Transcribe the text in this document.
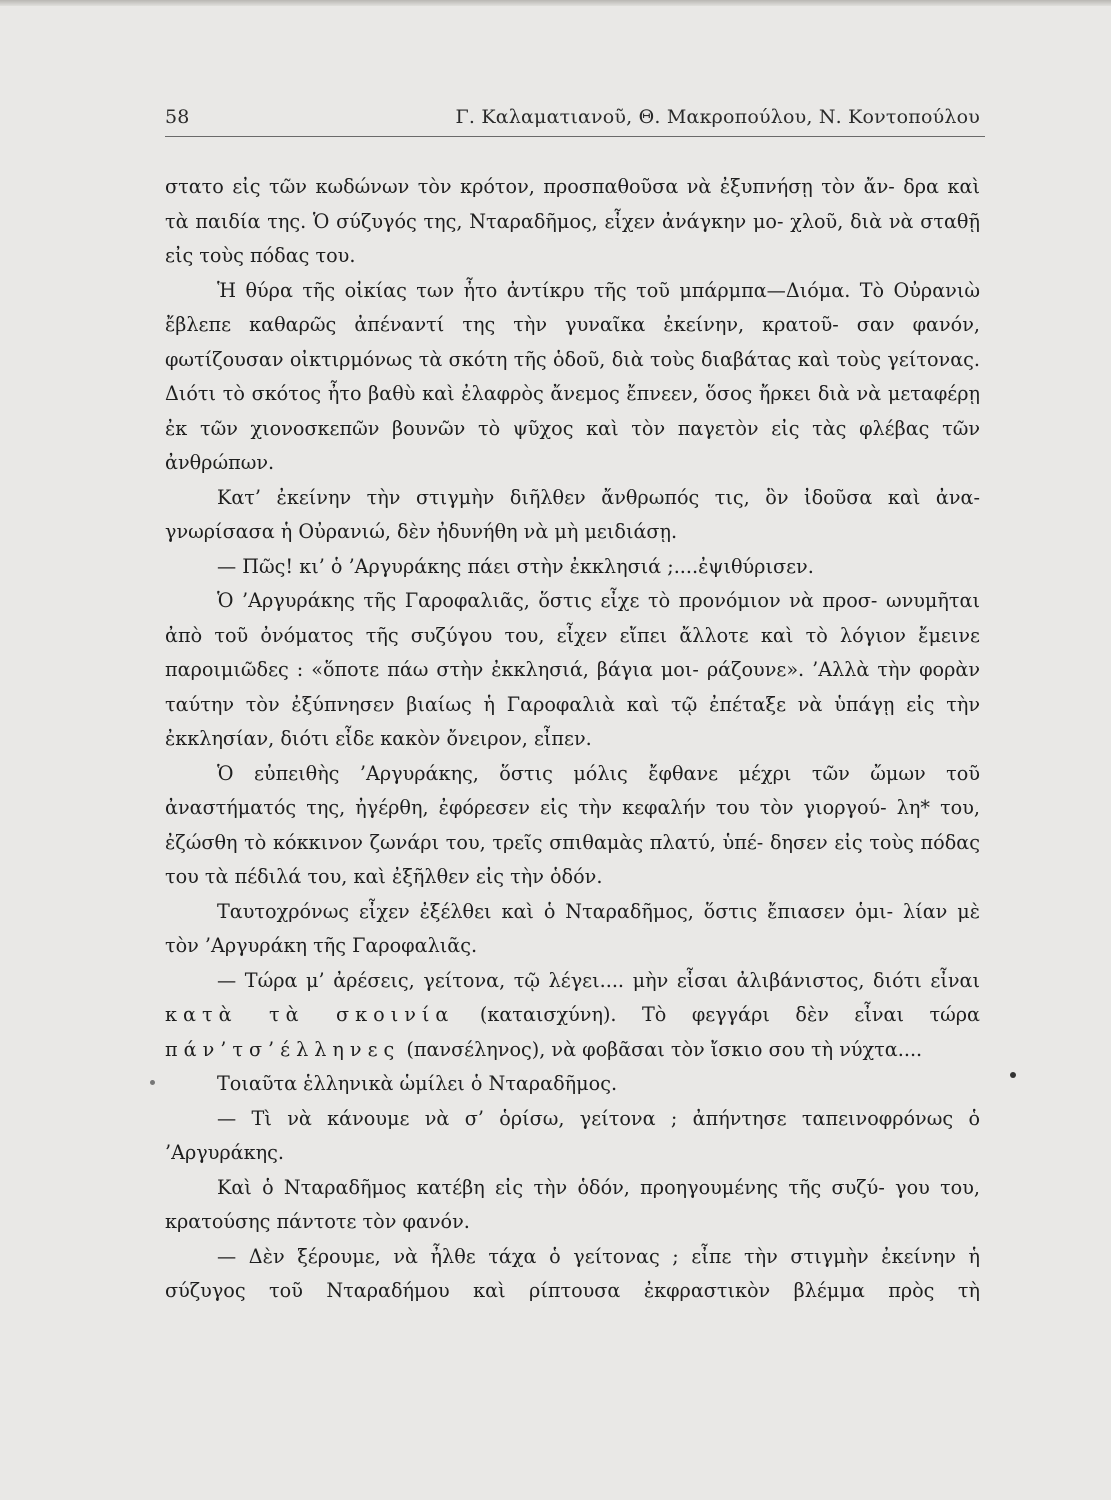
58	Γ. Καλαματιανοῦ, Θ. Μακροπούλου, Ν. Κοντοπούλου

στατο εἰς τῶν κωδώνων τὸν κρότον, προσπαθοῦσα νὰ ἐξυπνήσῃ τὸν ἄν- δρα καὶ τὰ παιδία της. Ὁ σύζυγός της, Νταραδῆμος, εἶχεν ἀνάγκην μο- χλοῦ, διὰ νὰ σταθῇ εἰς τοὺς πόδας του.

Ἡ θύρα τῆς οἰκίας των ἦτο ἀντίκρυ τῆς τοῦ μπάρμπα—Διόμα. Τὸ Οὐρανιὼ ἔβλεπε καθαρῶς ἀπέναντί της τὴν γυναῖκα ἐκείνην, κρατοῦ- σαν φανόν, φωτίζουσαν οἰκτιρμόνως τὰ σκότη τῆς ὁδοῦ, διὰ τοὺς διαβάτας καὶ τοὺς γείτονας. Διότι τὸ σκότος ἦτο βαθὺ καὶ ἐλαφρὸς ἄνεμος ἔπνεεν, ὅσος ἤρκει διὰ νὰ μεταφέρῃ ἐκ τῶν χιονοσκεπῶν βουνῶν τὸ ψῦχος καὶ τὸν παγετὸν εἰς τὰς φλέβας τῶν ἀνθρώπων.

Κατ’ ἐκείνην τὴν στιγμὴν διῆλθεν ἄνθρωπός τις, ὃν ἰδοῦσα καὶ ἀνα- γνωρίσασα ἡ Οὐρανιώ, δὲν ἠδυνήθη νὰ μὴ μειδιάσῃ.

— Πῶς! κι’ ὁ ’Αργυράκης πάει στὴν ἐκκλησιά ;....ἐψιθύρισεν.

Ὁ ’Αργυράκης τῆς Γαροφαλιᾶς, ὅστις εἶχε τὸ προνόμιον νὰ προσ- ωνυμῆται ἀπὸ τοῦ ὀνόματος τῆς συζύγου του, εἶχεν εἴπει ἄλλοτε καὶ τὸ λόγιον ἔμεινε παροιμιῶδες : «ὅποτε πάω στὴν ἐκκλησιά, βάγια μοι- ράζουνε». ’Αλλὰ τὴν φορὰν ταύτην τὸν ἐξύπνησεν βιαίως ἡ Γαροφαλιὰ καὶ τῷ ἐπέταξε νὰ ὑπάγῃ εἰς τὴν ἐκκλησίαν, διότι εἶδε κακὸν ὄνειρον, εἶπεν.

Ὁ εὐπειθὴς ’Αργυράκης, ὅστις μόλις ἔφθανε μέχρι τῶν ὤμων τοῦ ἀναστήματός της, ἠγέρθη, ἐφόρεσεν εἰς τὴν κεφαλήν του τὸν γιοργού- λη* του, ἐζώσθη τὸ κόκκινον ζωνάρι του, τρεῖς σπιθαμὰς πλατύ, ὑπέ- δησεν εἰς τοὺς πόδας του τὰ πέδιλά του, καὶ ἐξῆλθεν εἰς τὴν ὁδόν.

Ταυτοχρόνως εἶχεν ἐξέλθει καὶ ὁ Νταραδῆμος, ὅστις ἔπιασεν ὁμι- λίαν μὲ τὸν ’Αργυράκη τῆς Γαροφαλιᾶς.

— Τώρα μ’ ἀρέσεις, γείτονα, τῷ λέγει.... μὴν εἶσαι ἀλιβάνιστος, διότι εἶναι κατὰ τὰ σκοινία (καταισχύνη). Τὸ φεγγάρι δὲν εἶναι τώρα πάν’τσ’έλληνες (πανσέληνος), νὰ φοβᾶσαι τὸν ἴσκιο σου τὴ νύχτα....

Τοιαῦτα ἑλληνικὰ ὡμίλει ὁ Νταραδῆμος.

— Τὶ νὰ κάνουμε νὰ σ’ ὁρίσω, γείτονα ; ἀπήντησε ταπεινοφρόνως ὁ ’Αργυράκης.

Καὶ ὁ Νταραδῆμος κατέβη εἰς τὴν ὁδόν, προηγουμένης τῆς συζύ- γου του, κρατούσης πάντοτε τὸν φανόν.

— Δὲν ξέρουμε, νὰ ἦλθε τάχα ὁ γείτονας ; εἶπε τὴν στιγμὴν ἐκείνην ἡ σύζυγος τοῦ Νταραδήμου καὶ ρίπτουσα ἐκφραστικὸν βλέμμα πρὸς τὴ
